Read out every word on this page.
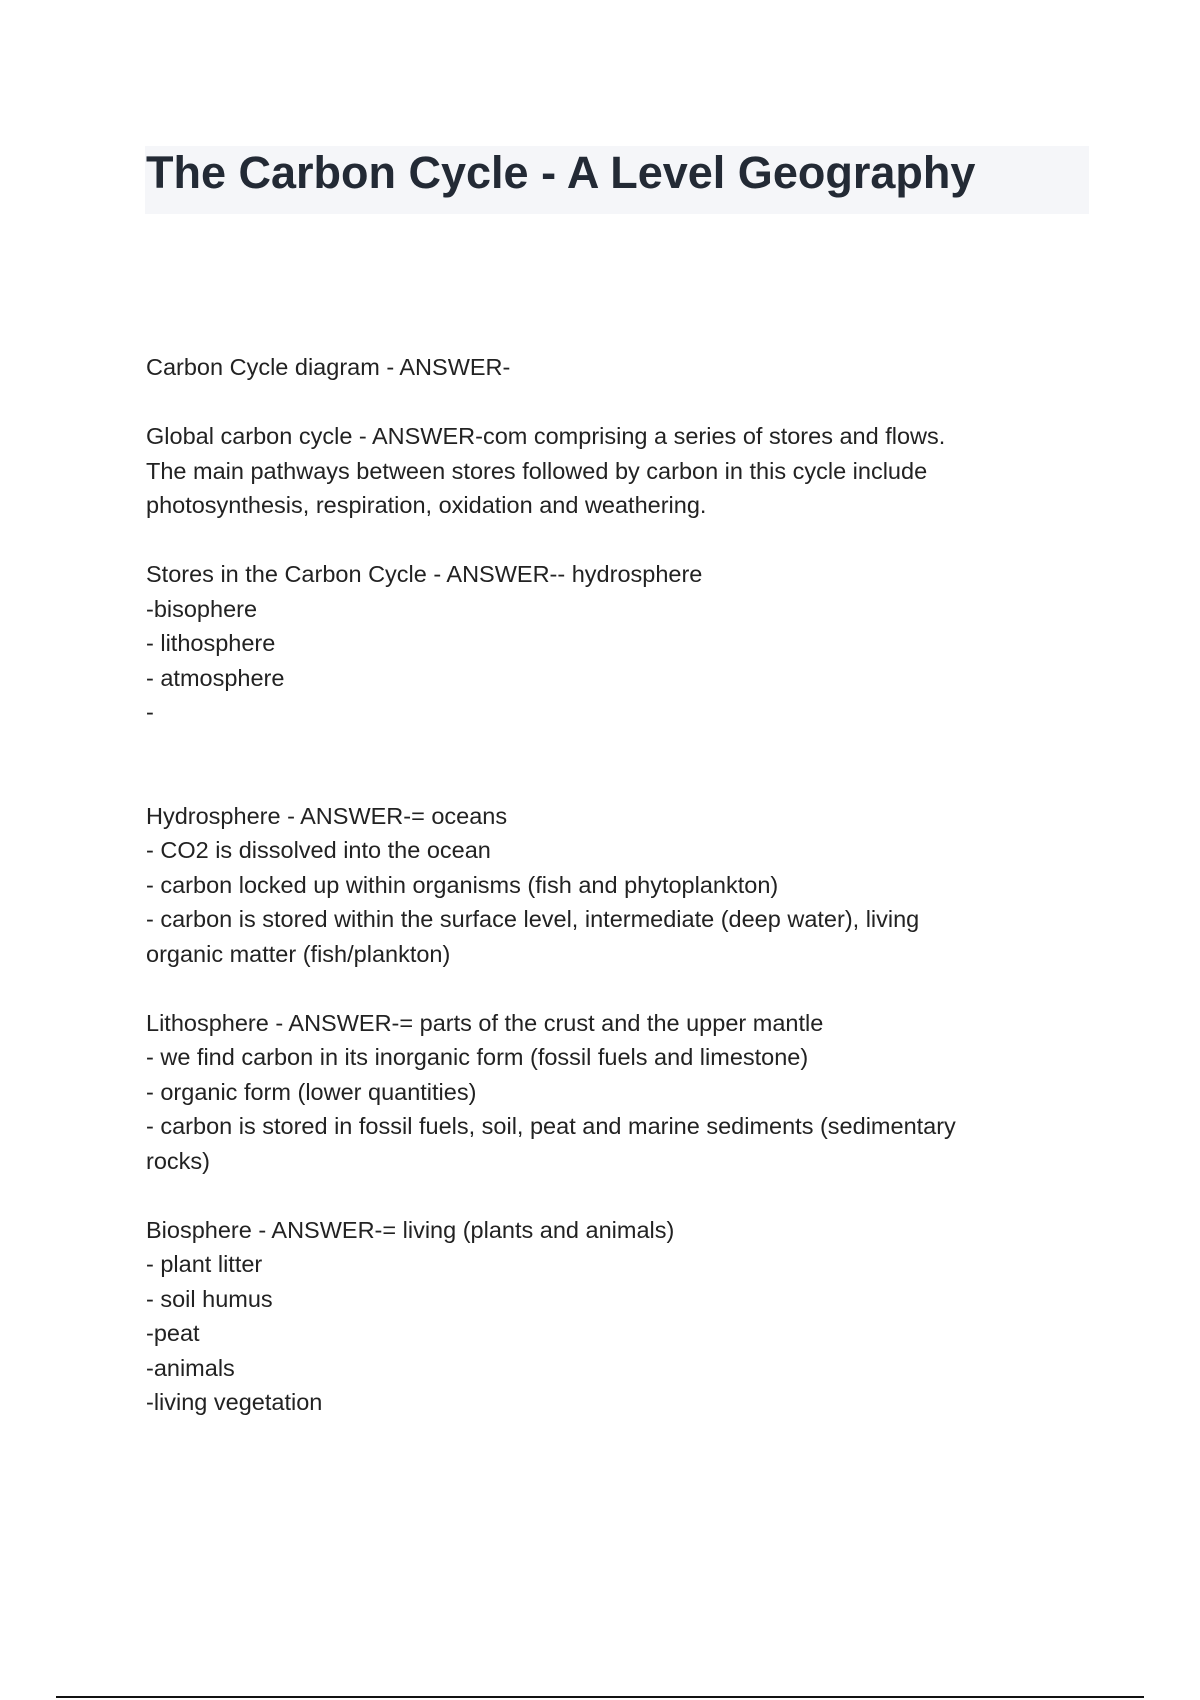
The Carbon Cycle - A Level Geography
Carbon Cycle diagram - ANSWER-
Global carbon cycle - ANSWER-com comprising a series of stores and flows.
The main pathways between stores followed by carbon in this cycle include
photosynthesis, respiration, oxidation and weathering.
Stores in the Carbon Cycle - ANSWER-- hydrosphere
-bisophere
- lithosphere
- atmosphere
-
Hydrosphere - ANSWER-= oceans
- CO2 is dissolved into the ocean
- carbon locked up within organisms (fish and phytoplankton)
- carbon is stored within the surface level, intermediate (deep water), living
organic matter (fish/plankton)
Lithosphere - ANSWER-= parts of the crust and the upper mantle
- we find carbon in its inorganic form (fossil fuels and limestone)
- organic form (lower quantities)
- carbon is stored in fossil fuels, soil, peat and marine sediments (sedimentary
rocks)
Biosphere - ANSWER-= living (plants and animals)
- plant litter
- soil humus
-peat
-animals
-living vegetation
